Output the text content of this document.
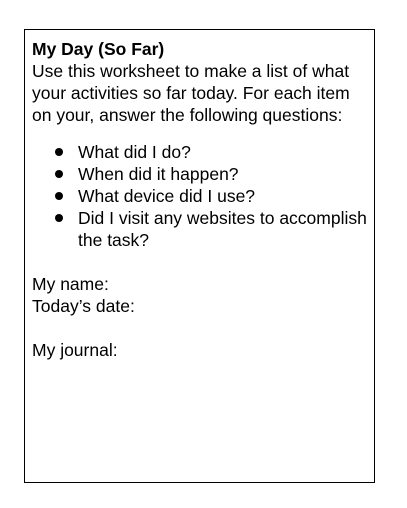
My Day (So Far)

Use this worksheet to make a list of what your activities so far today. For each item on your, answer the following questions:

What did I do?
When did it happen?
What device did I use?
Did I visit any websites to accomplish the task?

My name:

Today’s date:

My journal:
